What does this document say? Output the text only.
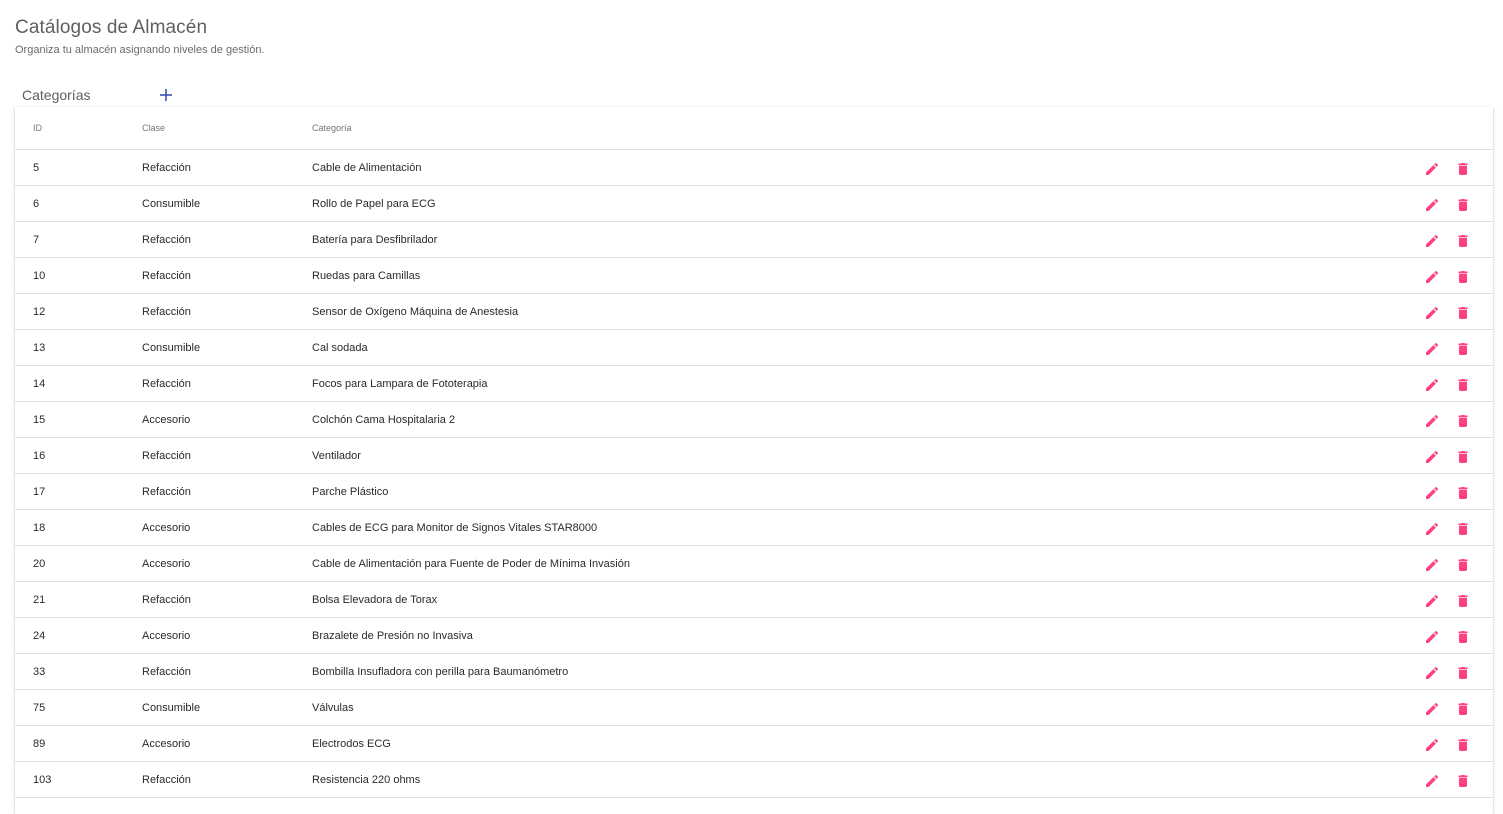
Catálogos de Almacén

Organiza tu almacén asignando niveles de gestión.

Categorías
ID	Clase	Categoría
5	Refacción	Cable de Alimentación
6	Consumible	Rollo de Papel para ECG
7	Refacción	Batería para Desfibrilador
10	Refacción	Ruedas para Camillas
12	Refacción	Sensor de Oxígeno Máquina de Anestesia
13	Consumible	Cal sodada
14	Refacción	Focos para Lampara de Fototerapia
15	Accesorio	Colchón Cama Hospitalaria 2
16	Refacción	Ventilador
17	Refacción	Parche Plástico
18	Accesorio	Cables de ECG para Monitor de Signos Vitales STAR8000
20	Accesorio	Cable de Alimentación para Fuente de Poder de Mínima Invasión
21	Refacción	Bolsa Elevadora de Torax
24	Accesorio	Brazalete de Presión no Invasiva
33	Refacción	Bombilla Insufladora con perilla para Baumanómetro
75	Consumible	Válvulas
89	Accesorio	Electrodos ECG
103	Refacción	Resistencia 220 ohms
